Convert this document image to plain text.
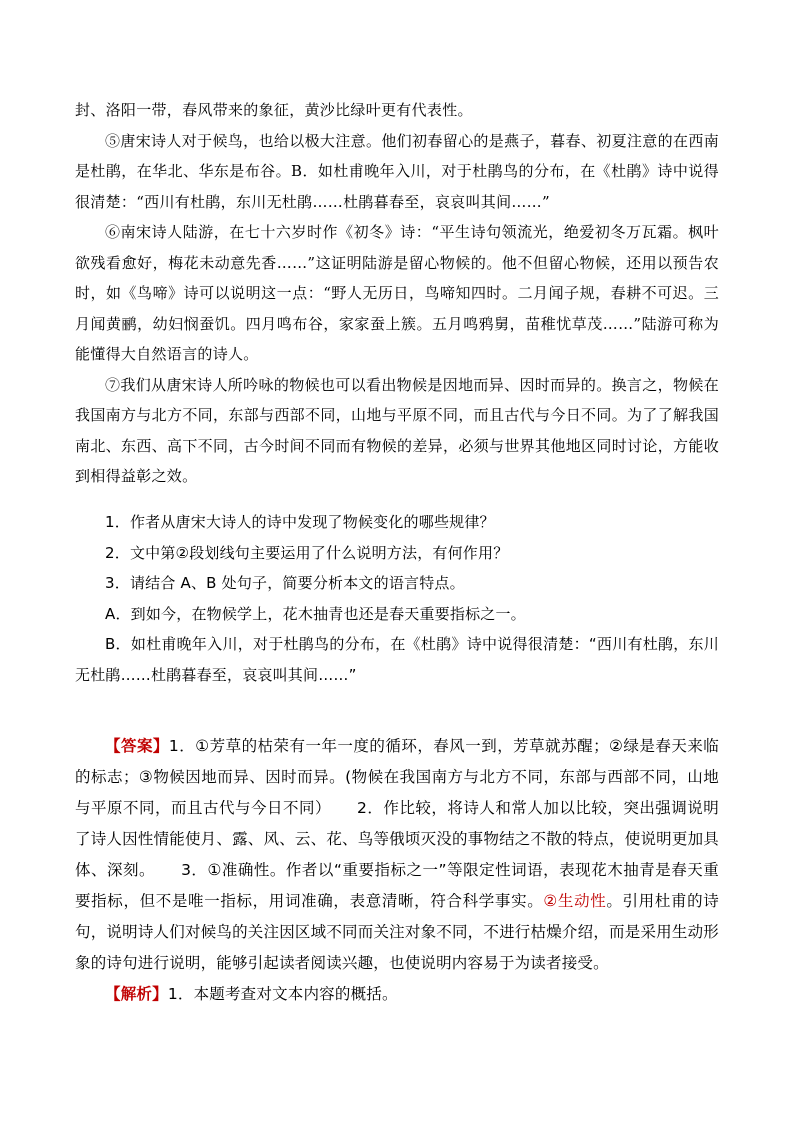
封、洛阳一带，春风带来的象征，黄沙比绿叶更有代表性。

⑤唐宋诗人对于候鸟，也给以极大注意。他们初春留心的是燕子，暮春、初夏注意的在西南是杜鹃，在华北、华东是布谷。B．如杜甫晚年入川，对于杜鹃鸟的分布，在《杜鹃》诗中说得很清楚：“西川有杜鹃，东川无杜鹃……杜鹃暮春至，哀哀叫其间……”

⑥南宋诗人陆游，在七十六岁时作《初冬》诗：“平生诗句领流光，绝爱初冬万瓦霜。枫叶欲残看愈好，梅花未动意先香……”这证明陆游是留心物候的。他不但留心物候，还用以预告农时，如《鸟啼》诗可以说明这一点：“野人无历日，鸟啼知四时。二月闻子规，春耕不可迟。三月闻黄鹂，幼妇悯蚕饥。四月鸣布谷，家家蚕上簇。五月鸣鸦舅，苗稚忧草茂……”陆游可称为能懂得大自然语言的诗人。

⑦我们从唐宋诗人所吟咏的物候也可以看出物候是因地而异、因时而异的。换言之，物候在我国南方与北方不同，东部与西部不同，山地与平原不同，而且古代与今日不同。为了了解我国南北、东西、高下不同，古今时间不同而有物候的差异，必须与世界其他地区同时讨论，方能收到相得益彰之效。

1．作者从唐宋大诗人的诗中发现了物候变化的哪些规律？

2．文中第②段划线句主要运用了什么说明方法，有何作用？

3．请结合 A、B 处句子，简要分析本文的语言特点。

A．到如今，在物候学上，花木抽青也还是春天重要指标之一。

B．如杜甫晚年入川，对于杜鹃鸟的分布，在《杜鹃》诗中说得很清楚：“西川有杜鹃，东川无杜鹃……杜鹃暮春至，哀哀叫其间……”

【答案】1．①芳草的枯荣有一年一度的循环，春风一到，芳草就苏醒；②绿是春天来临的标志；③物候因地而异、因时而异。(物候在我国南方与北方不同，东部与西部不同，山地与平原不同，而且古代与今日不同） 2．作比较，将诗人和常人加以比较，突出强调说明了诗人因性情能使月、露、风、云、花、鸟等俄顷灭没的事物结之不散的特点，使说明更加具体、深刻。 3．①准确性。作者以“重要指标之一”等限定性词语，表现花木抽青是春天重要指标，但不是唯一指标，用词准确，表意清晰，符合科学事实。②生动性。引用杜甫的诗句，说明诗人们对候鸟的关注因区域不同而关注对象不同，不进行枯燥介绍，而是采用生动形象的诗句进行说明，能够引起读者阅读兴趣，也使说明内容易于为读者接受。

【解析】1．本题考查对文本内容的概括。
